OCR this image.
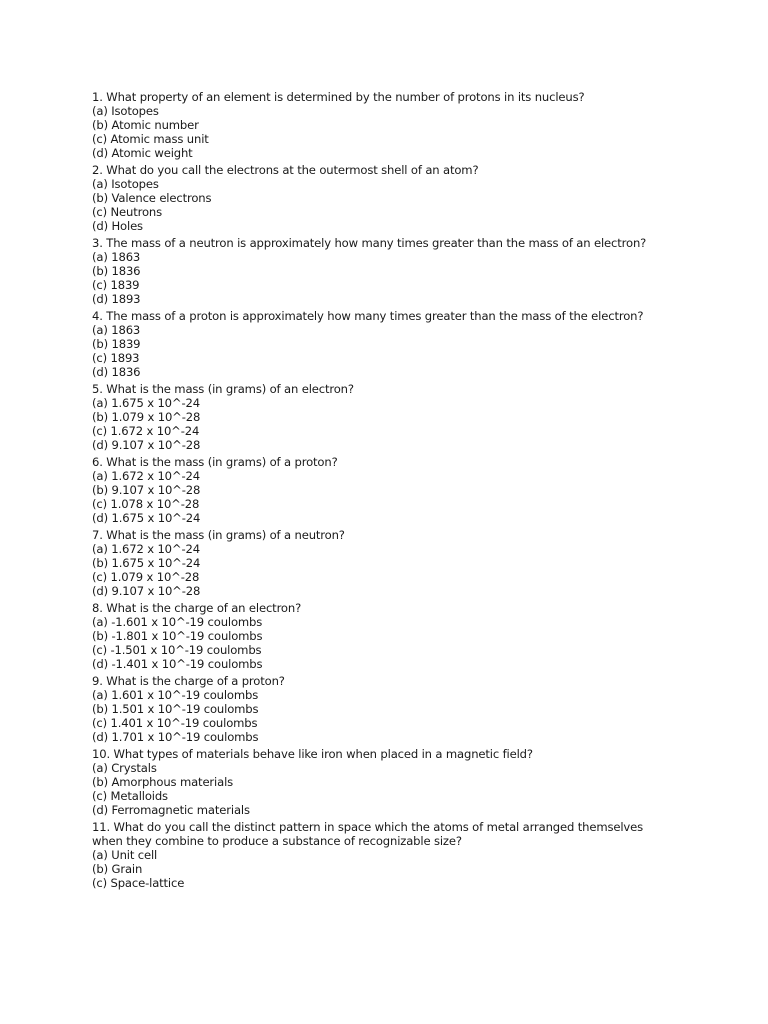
1. What property of an element is determined by the number of protons in its nucleus?
(a) Isotopes
(b) Atomic number
(c) Atomic mass unit
(d) Atomic weight
2. What do you call the electrons at the outermost shell of an atom?
(a) Isotopes
(b) Valence electrons
(c) Neutrons
(d) Holes
3. The mass of a neutron is approximately how many times greater than the mass of an electron?
(a) 1863
(b) 1836
(c) 1839
(d) 1893
4. The mass of a proton is approximately how many times greater than the mass of the electron?
(a) 1863
(b) 1839
(c) 1893
(d) 1836
5. What is the mass (in grams) of an electron?
(a) 1.675 x 10^-24
(b) 1.079 x 10^-28
(c) 1.672 x 10^-24
(d) 9.107 x 10^-28
6. What is the mass (in grams) of a proton?
(a) 1.672 x 10^-24
(b) 9.107 x 10^-28
(c) 1.078 x 10^-28
(d) 1.675 x 10^-24
7. What is the mass (in grams) of a neutron?
(a) 1.672 x 10^-24
(b) 1.675 x 10^-24
(c) 1.079 x 10^-28
(d) 9.107 x 10^-28
8. What is the charge of an electron?
(a) -1.601 x 10^-19 coulombs
(b) -1.801 x 10^-19 coulombs
(c) -1.501 x 10^-19 coulombs
(d) -1.401 x 10^-19 coulombs
9. What is the charge of a proton?
(a) 1.601 x 10^-19 coulombs
(b) 1.501 x 10^-19 coulombs
(c) 1.401 x 10^-19 coulombs
(d) 1.701 x 10^-19 coulombs
10. What types of materials behave like iron when placed in a magnetic field?
(a) Crystals
(b) Amorphous materials
(c) Metalloids
(d) Ferromagnetic materials
11. What do you call the distinct pattern in space which the atoms of metal arranged themselves when they combine to produce a substance of recognizable size?
(a) Unit cell
(b) Grain
(c) Space-lattice
